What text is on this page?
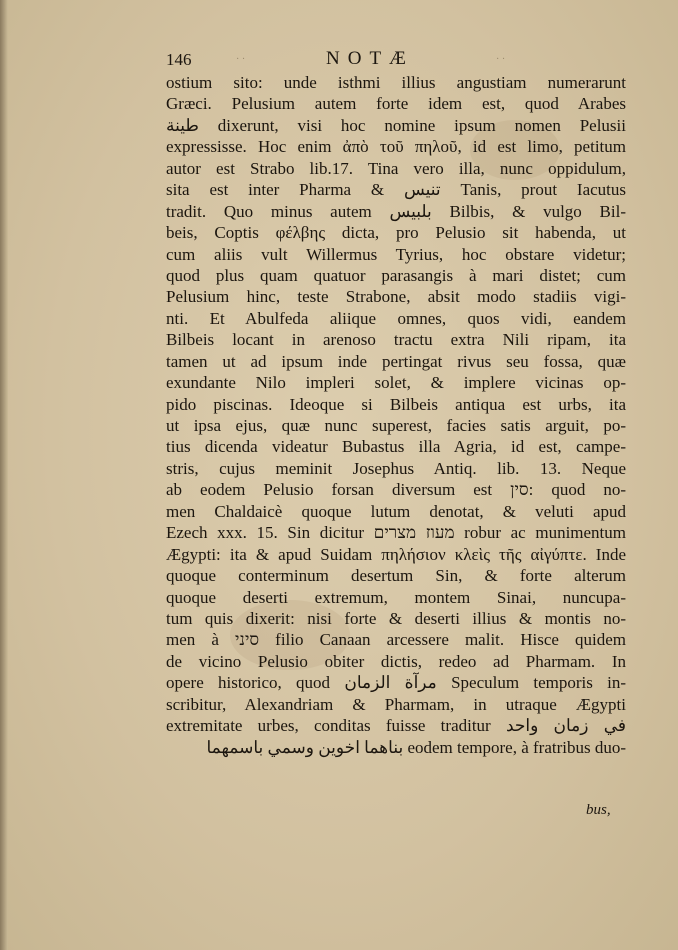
146	· ·	NOTÆ	· ·
ostium sito: unde isthmi illius angustiam numerarunt
Græci. Pelusium autem forte idem est, quod Arabes
طينة dixerunt, visi hoc nomine ipsum nomen Pelusii
expressisse. Hoc enim ἀπὸ τοῦ πηλοῦ, id est limo, petitum
autor est Strabo lib.17. Tina vero illa, nunc oppidulum,
sita est inter Pharma & تنيس Tanis, prout Iacutus
tradit. Quo minus autem بلبيس Bilbis, & vulgo Bil-
beis, Coptis φέλβης dicta, pro Pelusio sit habenda, ut
cum aliis vult Willermus Tyrius, hoc obstare videtur;
quod plus quam quatuor parasangis à mari distet; cum
Pelusium hinc, teste Strabone, absit modo stadiis vigi-
nti. Et Abulfeda aliique omnes, quos vidi, eandem
Bilbeis locant in arenoso tractu extra Nili ripam, ita
tamen ut ad ipsum inde pertingat rivus seu fossa, quæ
exundante Nilo impleri solet, & implere vicinas op-
pido piscinas. Ideoque si Bilbeis antiqua est urbs, ita
ut ipsa ejus, quæ nunc superest, facies satis arguit, po-
tius dicenda videatur Bubastus illa Agria, id est, campe-
stris, cujus meminit Josephus Antiq. lib. 13. Neque
ab eodem Pelusio forsan diversum est סין: quod no-
men Chaldaicè quoque lutum denotat, & veluti apud
Ezech xxx. 15. Sin dicitur מעוז מצרים robur ac munimentum
Ægypti: ita & apud Suidam πηλήσιον κλεὶς τῆς αἰγύπτε. Inde
quoque conterminum desertum Sin, & forte alterum
quoque deserti extremum, montem Sinai, nuncupa-
tum quis dixerit: nisi forte & deserti illius & montis no-
men à סיני filio Canaan arcessere malit. Hisce quidem
de vicino Pelusio obiter dictis, redeo ad Pharmam. In
opere historico, quod مرآة الزمان Speculum temporis in-
scribitur, Alexandriam & Pharmam, in utraque Ægypti
extremitate urbes, conditas fuisse traditur في زمان واحد
بناهما اخوين وسمي باسمهما eodem tempore, à fratribus duo-
bus,
